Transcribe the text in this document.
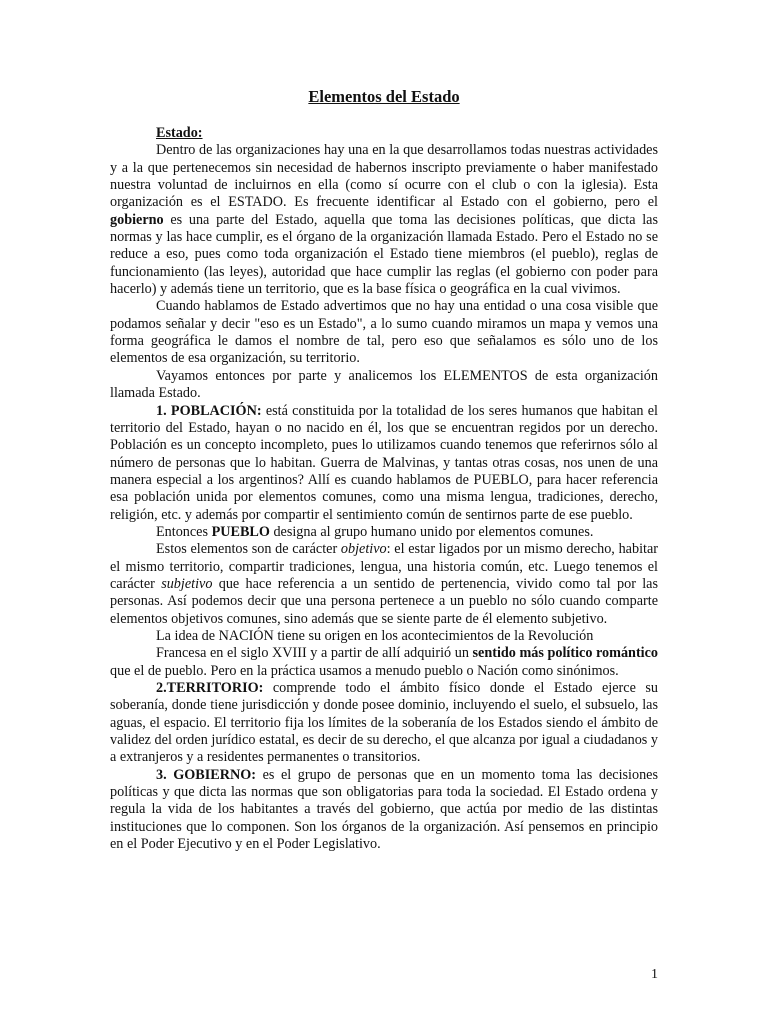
Elementos del Estado

Estado:

Dentro de las organizaciones hay una en la que desarrollamos todas nuestras actividades y a la que pertenecemos sin necesidad de habernos inscripto previamente o haber manifestado nuestra voluntad de incluirnos en ella (como sí ocurre con el club o con la iglesia). Esta organización es el ESTADO. Es frecuente identificar al Estado con el gobierno, pero el gobierno es una parte del Estado, aquella que toma las decisiones políticas, que dicta las normas y las hace cumplir, es el órgano de la organización llamada Estado. Pero el Estado no se reduce a eso, pues como toda organización el Estado tiene miembros (el pueblo), reglas de funcionamiento (las leyes), autoridad que hace cumplir las reglas (el gobierno con poder para hacerlo) y además tiene un territorio, que es la base física o geográfica en la cual vivimos.

Cuando hablamos de Estado advertimos que no hay una entidad o una cosa visible que podamos señalar y decir "eso es un Estado", a lo sumo cuando miramos un mapa y vemos una forma geográfica le damos el nombre de tal, pero eso que señalamos es sólo uno de los elementos de esa organización, su territorio.

Vayamos entonces por parte y analicemos los ELEMENTOS de esta organización llamada Estado.

1. POBLACIÓN: está constituida por la totalidad de los seres humanos que habitan el territorio del Estado, hayan o no nacido en él, los que se encuentran regidos por un derecho. Población es un concepto incompleto, pues lo utilizamos cuando tenemos que referirnos sólo al número de personas que lo habitan. Guerra de Malvinas, y tantas otras cosas, nos unen de una manera especial a los argentinos? Allí es cuando hablamos de PUEBLO, para hacer referencia esa población unida por elementos comunes, como una misma lengua, tradiciones, derecho, religión, etc. y además por compartir el sentimiento común de sentirnos parte de ese pueblo.

Entonces PUEBLO designa al grupo humano unido por elementos comunes.

Estos elementos son de carácter objetivo: el estar ligados por un mismo derecho, habitar el mismo territorio, compartir tradiciones, lengua, una historia común, etc. Luego tenemos el carácter subjetivo que hace referencia a un sentido de pertenencia, vivido como tal por las personas. Así podemos decir que una persona pertenece a un pueblo no sólo cuando comparte elementos objetivos comunes, sino además que se siente parte de él elemento subjetivo.

La idea de NACIÓN tiene su origen en los acontecimientos de la Revolución

Francesa en el siglo XVIII y a partir de allí adquirió un sentido más político romántico que el de pueblo. Pero en la práctica usamos a menudo pueblo o Nación como sinónimos.

2.TERRITORIO: comprende todo el ámbito físico donde el Estado ejerce su soberanía, donde tiene jurisdicción y donde posee dominio, incluyendo el suelo, el subsuelo, las aguas, el espacio. El territorio fija los límites de la soberanía de los Estados siendo el ámbito de validez del orden jurídico estatal, es decir de su derecho, el que alcanza por igual a ciudadanos y a extranjeros y a residentes permanentes o transitorios.

3. GOBIERNO: es el grupo de personas que en un momento toma las decisiones políticas y que dicta las normas que son obligatorias para toda la sociedad. El Estado ordena y regula la vida de los habitantes a través del gobierno, que actúa por medio de las distintas instituciones que lo componen. Son los órganos de la organización. Así pensemos en principio en el Poder Ejecutivo y en el Poder Legislativo.

1
